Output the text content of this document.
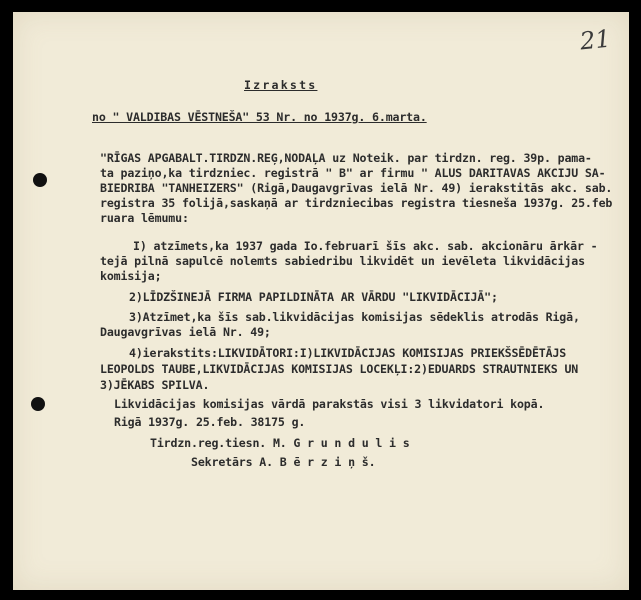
21
Izraksts
no " VALDIBAS VĒSTNEŠA" 53 Nr. no 1937g. 6.marta.
"RĪGAS APGABALT.TIRDZN.REĢ,NODAĻA uz Noteik. par tirdzn. reg. 39p. pama-
ta paziņo,ka tirdzniec. registrā " B" ar firmu " ALUS DARITAVAS AKCIJU SA-
BIEDRIBA "TANHEIZERS" (Rigā,Daugavgrīvas ielā Nr. 49) ierakstitās akc. sab.
registra 35 folijā,saskaņā ar tirdzniecibas registra tiesneša 1937g. 25.feb
ruara lēmumu:
I) atzīmets,ka 1937 gada Io.februarī šīs akc. sab. akcionāru ārkār -
tejā pilnā sapulcē nolemts sabiedribu likvidēt un ievēleta likvidācijas
komisija;
2)LĪDZŠINEJĀ FIRMA PAPILDINĀTA AR VĀRDU "LIKVIDĀCIJĀ";
3)Atzīmet,ka šīs sab.likvidācijas komisijas sēdeklis atrodās Rigā,
Daugavgrīvas ielā Nr. 49;
4)ierakstits:LIKVIDĀTORI:I)LIKVIDĀCIJAS KOMISIJAS PRIEKŠSĒDĒTĀJS
LEOPOLDS TAUBE,LIKVIDĀCIJAS KOMISIJAS LOCEKĻI:2)EDUARDS STRAUTNIEKS UN
3)JĒKABS SPILVA.
Likvidācijas komisijas vārdā parakstās visi 3 likvidatori kopā.
Rigā 1937g. 25.feb. 38175 g.
Tirdzn.reg.tiesn. M. G r u n d u l i s
Sekretārs A. B ē r z i ņ š.
